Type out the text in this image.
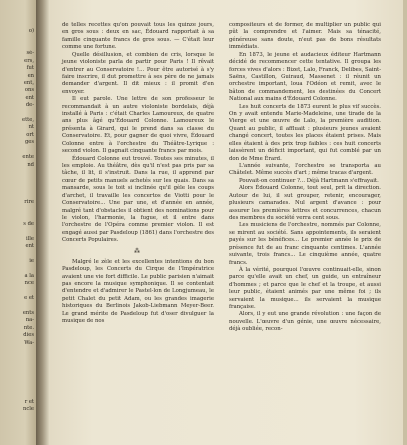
o)
sé-
ers,
fut
en
ent,
ons
ent
de-
ette,
nt
ort
ges
ente
nd
rire
s de
ille
ent
ie
a la
nce
e et
ents
na-
nte.
dies
Wa-
r et
ncle

de telles recettes qu'on pouvait tous les quinze jours, en gros sous : deux en sac, Édouard rapportait à sa famille cinquante francs de gros sous. — C'était leur comme une fortune.

Quelle désillusion, et combien de cris, lorsque le jeune violoniste parla de partir pour Paris ! Il rêvait d'entrer au Conservatoire !... Pour être autorisé à s'y faire inscrire, il dut promettre à ses père de ne jamais demander d'argent. Il dit mieux : il promit d'en envoyer.

Il eut parole. Une lettre de son professeur le recommandait à un autre violoniste bordelais, déjà installé à Paris : c'était Charles Lamoureux, de quatre ans plus âgé qu'Édouard Colonne. Lamoureux le présenta à Girard, qui le prend dans sa classe du Conservatoire. Et, pour gagner de quoi vivre, Édouard Colonne entre à l'orchestre du Théâtre-Lyrique : second violon. Il gagnait cinquante francs par mois.

Édouard Colonne eut trouvé. Toutes ses minutes, il les emploie. Au théâtre, dès qu'il n'est pas pris par sa tâche, il lit, il s'instruit. Dans la rue, il apprend par cœur de petits manuels achetés sur les quais. Dans sa mansarde, sous le toit si inclinée qu'il gèle les coups d'archet, il travaille les concertos de Viotti pour le Conservatoire... Une par une, et d'année en année, malgré tant d'obstacles il obtient des nominations pour le violon, l'harmonie, la fugue, et il entre dans l'orchestre de l'Opéra comme premier violon. Il est engagé aussi par Pasdeloup (1861) dans l'orchestre des Concerts Populaires.

⁂

Malgré le zèle et les excellentes intentions du bon Pasdeloup, les Concerts du Cirque de l'Impératrice avaient une vie fort difficile. Le public parisien n'aimait pas encore la musique symphonique. Il se contentait d'entendre et d'admirer le Pastel-lon de Longjumeau, le petit Chalet du petit Adam, ou les grandes imagerie historiques du Berlinois Jakob-Liebmann Meyer-Beer. Le grand mérite de Pasdeloup fut d'oser divulguer la musique de nos

compositeurs et de former, de multiplier un public qui pût la comprendre et l'aimer. Mais sa ténacité, généreuse sans doute, n'eut pas de bons résultats immédiats.

En 1873, le jeune et audacieux éditeur Hartmann décidé de recommencer cette tentative. Il groupa les forces vives d'alors : Bizet, Lalo, Franck, Delibes, Saint-Saëns, Castillon, Guiraud, Massenet : il réunit un orchestre important, loua l'Odéon et remit, avec le bâton de commandement, les destinées du Concert National aux mains d'Édouard Colonne.

Les huit concerts de 1873 eurent le plus vif succès. On y avait entendu Marie-Madeleine, une tirade de la Vierge et une œuvre de Lalo, la première audition. Quant au public, il affluait : plusieurs jeunes avaient changé concert, toutes les places étaient prises. Mais elles étaient à des prix trop faibles : ces huit concerts laissèrent un déficit important, qui fut comblé par un don de Mme Érard.

L'année suivante, l'orchestre se transporta au Châtelet. Même succès d'art ; même tracas d'argent.

Pouvait-on continuer ?... Déjà Hartmann s'effrayait.

Alors Édouard Colonne, tout seul, prit la direction. Autour de lui, il sut grouper, retenir, encourager, plusieurs camarades. Nul argent d'avance : pour assurer les premières lettres et concurrences, chacun des membres du société verra cent sous.

Les musiciens de l'orchestre, nommés par Colonne, se mirent au société. Sans appointements, ils seraient payés sur les bénéfices... Le premier année le prix de présence fut de au franc cinquante centimes. L'année suivante, trois francs... Le cinquième année, quatre francs.

À la vérité, pourquoi l'œuvre continuait-elle, sinon parce qu'elle avait un chef, un guide, un entraîneur d'hommes ; et parce que le chef et la troupe, et aussi leur public, étaient animés par une même foi ; ils servaient la musique... ils servaient la musique française.

Alors, il y eut une grande révolution : une façon de nouvelle. L'œuvre d'un génie, une œuvre nécessaire, déjà oubliée, recon-
